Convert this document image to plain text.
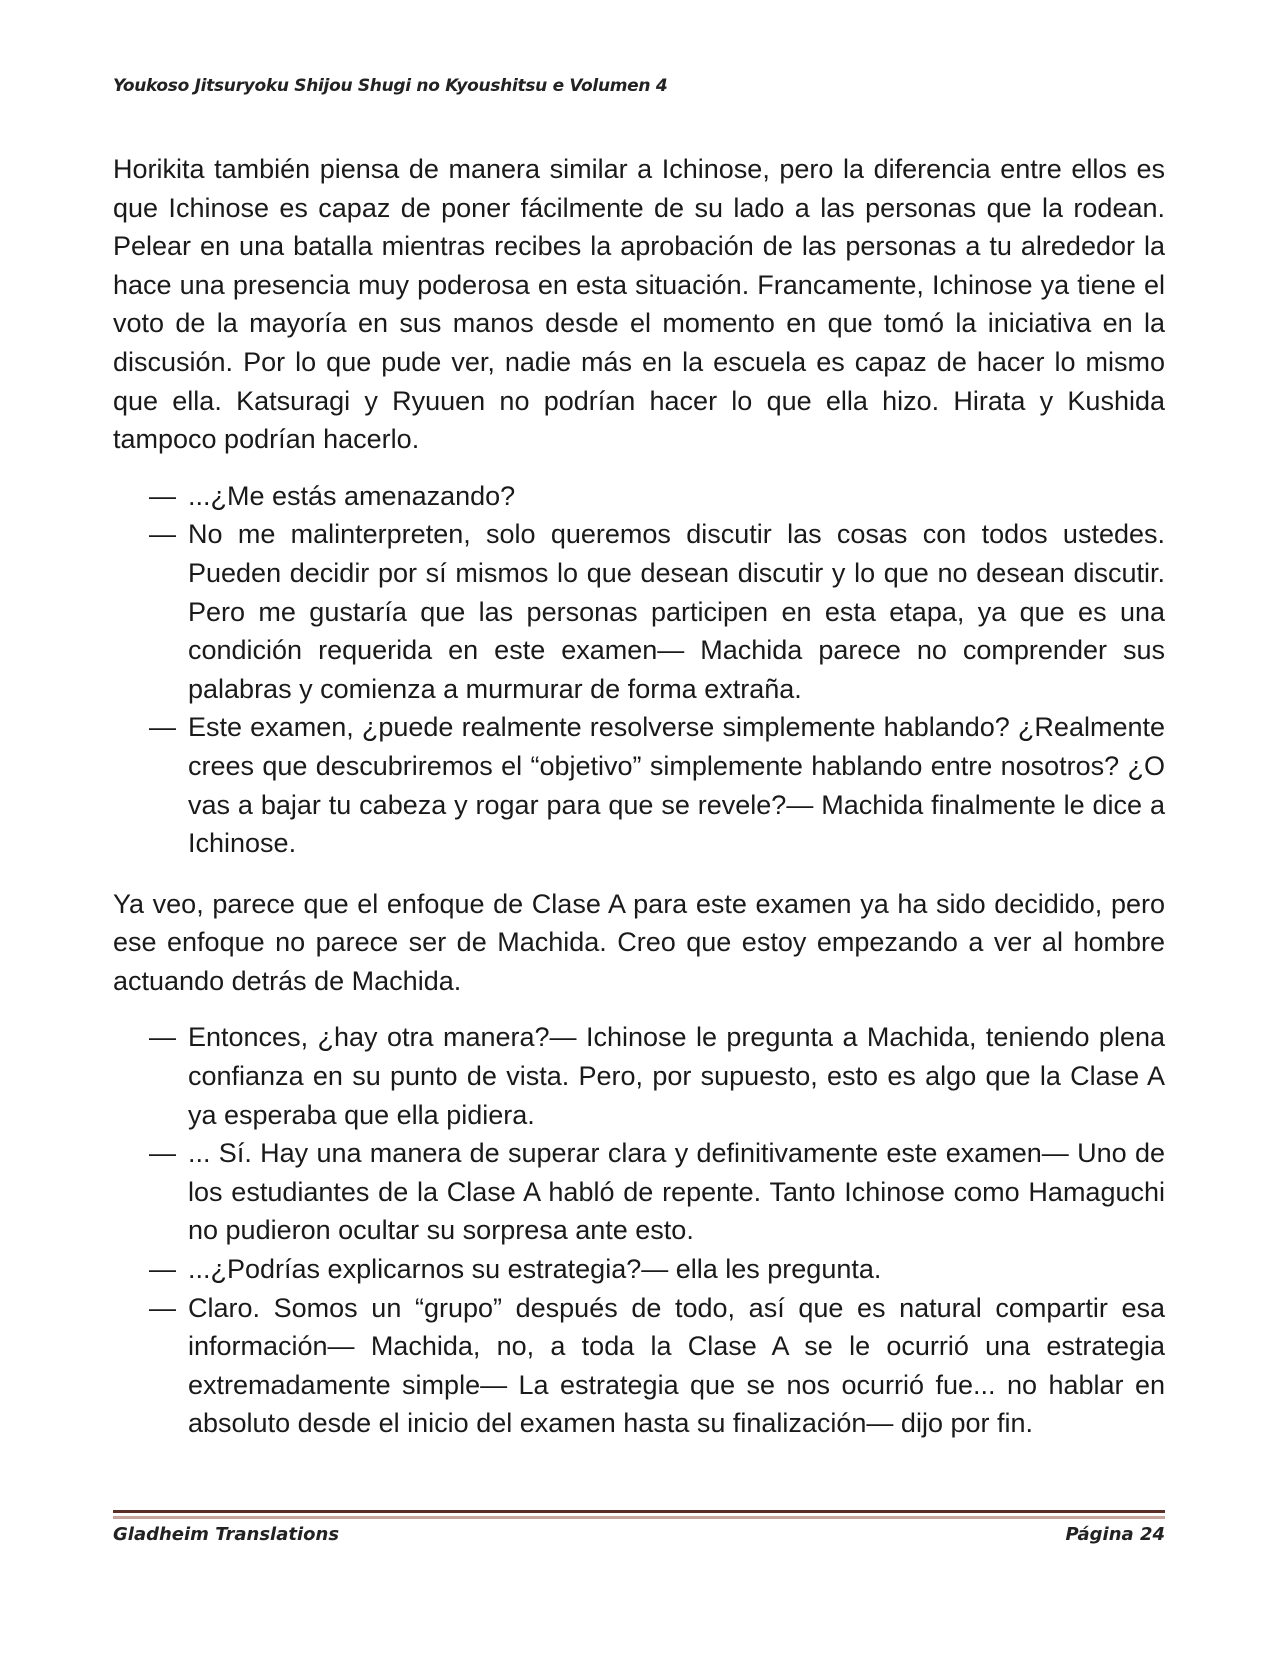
Youkoso Jitsuryoku Shijou Shugi no Kyoushitsu e Volumen 4

Horikita también piensa de manera similar a Ichinose, pero la diferencia entre ellos es que Ichinose es capaz de poner fácilmente de su lado a las personas que la rodean. Pelear en una batalla mientras recibes la aprobación de las personas a tu alrededor la hace una presencia muy poderosa en esta situación. Francamente, Ichinose ya tiene el voto de la mayoría en sus manos desde el momento en que tomó la iniciativa en la discusión. Por lo que pude ver, nadie más en la escuela es capaz de hacer lo mismo que ella. Katsuragi y Ryuuen no podrían hacer lo que ella hizo. Hirata y Kushida tampoco podrían hacerlo.

— ...¿Me estás amenazando?
— No me malinterpreten, solo queremos discutir las cosas con todos ustedes. Pueden decidir por sí mismos lo que desean discutir y lo que no desean discutir. Pero me gustaría que las personas participen en esta etapa, ya que es una condición requerida en este examen— Machida parece no comprender sus palabras y comienza a murmurar de forma extraña.
— Este examen, ¿puede realmente resolverse simplemente hablando? ¿Realmente crees que descubriremos el “objetivo” simplemente hablando entre nosotros? ¿O vas a bajar tu cabeza y rogar para que se revele?— Machida finalmente le dice a Ichinose.

Ya veo, parece que el enfoque de Clase A para este examen ya ha sido decidido, pero ese enfoque no parece ser de Machida. Creo que estoy empezando a ver al hombre actuando detrás de Machida.

— Entonces, ¿hay otra manera?— Ichinose le pregunta a Machida, teniendo plena confianza en su punto de vista. Pero, por supuesto, esto es algo que la Clase A ya esperaba que ella pidiera.
— ... Sí. Hay una manera de superar clara y definitivamente este examen— Uno de los estudiantes de la Clase A habló de repente. Tanto Ichinose como Hamaguchi no pudieron ocultar su sorpresa ante esto.
— ...¿Podrías explicarnos su estrategia?— ella les pregunta.
— Claro. Somos un “grupo” después de todo, así que es natural compartir esa información— Machida, no, a toda la Clase A se le ocurrió una estrategia extremadamente simple— La estrategia que se nos ocurrió fue... no hablar en absoluto desde el inicio del examen hasta su finalización— dijo por fin.
Gladheim Translations	Página 24
